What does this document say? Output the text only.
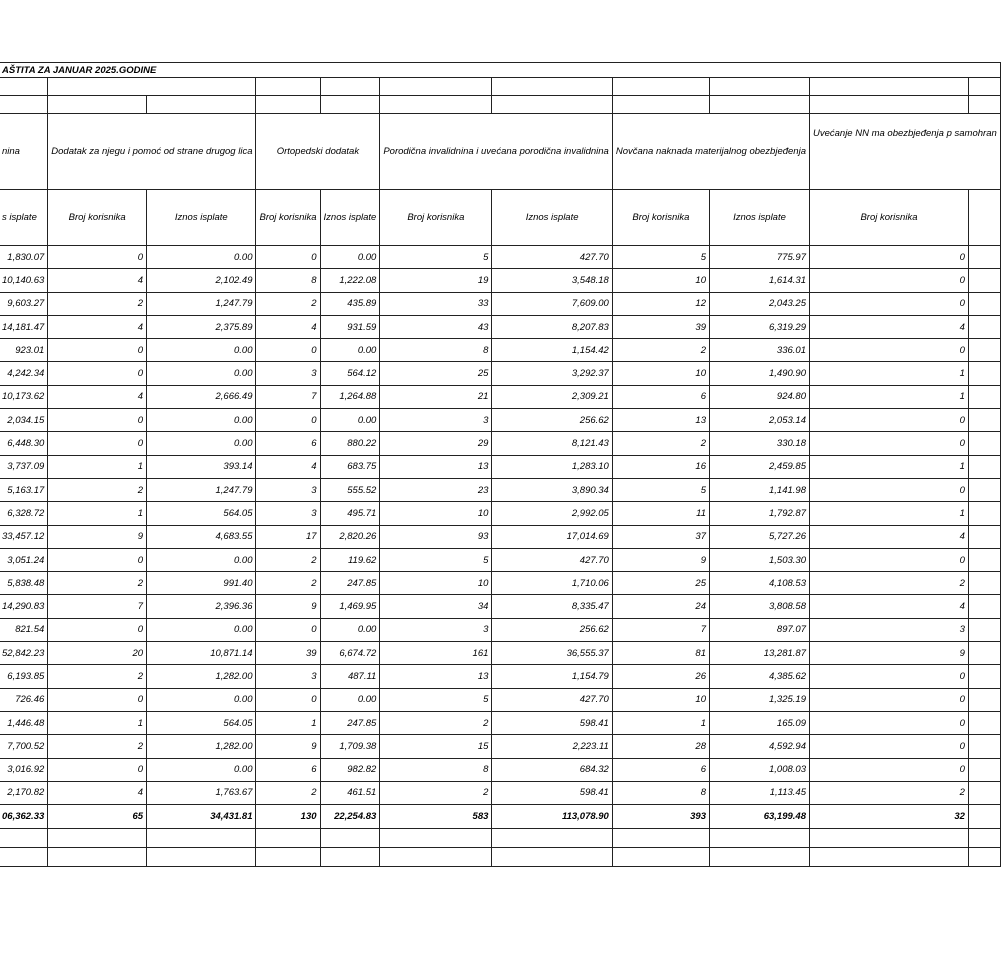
AŠTITA ZA JANUAR 2025.GODINE										

nina	Dodatak za njegu i pomoć od strane drugog lica		Ortopedski dodatak		Porodična invalidnina i uvećana porodična invalidnina		Novčana naknada materijalnog obezbjeđenja		Uvećanje NN ma obezbjeđenja p samohran	
s isplate	Broj korisnika	Iznos isplate	Broj korisnika	Iznos isplate	Broj korisnika	Iznos isplate	Broj korisnika	Iznos isplate	Broj korisnika	
1,830.07	0	0.00	0	0.00	5	427.70	5	775.97	0	
10,140.63	4	2,102.49	8	1,222.08	19	3,548.18	10	1,614.31	0	
9,603.27	2	1,247.79	2	435.89	33	7,609.00	12	2,043.25	0	
14,181.47	4	2,375.89	4	931.59	43	8,207.83	39	6,319.29	4	
923.01	0	0.00	0	0.00	8	1,154.42	2	336.01	0	
4,242.34	0	0.00	3	564.12	25	3,292.37	10	1,490.90	1	
10,173.62	4	2,666.49	7	1,264.88	21	2,309.21	6	924.80	1	
2,034.15	0	0.00	0	0.00	3	256.62	13	2,053.14	0	
6,448.30	0	0.00	6	880.22	29	8,121.43	2	330.18	0	
3,737.09	1	393.14	4	683.75	13	1,283.10	16	2,459.85	1	
5,163.17	2	1,247.79	3	555.52	23	3,890.34	5	1,141.98	0	
6,328.72	1	564.05	3	495.71	10	2,992.05	11	1,792.87	1	
33,457.12	9	4,683.55	17	2,820.26	93	17,014.69	37	5,727.26	4	
3,051.24	0	0.00	2	119.62	5	427.70	9	1,503.30	0	
5,838.48	2	991.40	2	247.85	10	1,710.06	25	4,108.53	2	
14,290.83	7	2,396.36	9	1,469.95	34	8,335.47	24	3,808.58	4	
821.54	0	0.00	0	0.00	3	256.62	7	897.07	3	
52,842.23	20	10,871.14	39	6,674.72	161	36,555.37	81	13,281.87	9	
6,193.85	2	1,282.00	3	487.11	13	1,154.79	26	4,385.62	0	
726.46	0	0.00	0	0.00	5	427.70	10	1,325.19	0	
1,446.48	1	564.05	1	247.85	2	598.41	1	165.09	0	
7,700.52	2	1,282.00	9	1,709.38	15	2,223.11	28	4,592.94	0	
3,016.92	0	0.00	6	982.82	8	684.32	6	1,008.03	0	
2,170.82	4	1,763.67	2	461.51	2	598.41	8	1,113.45	2	
06,362.33	65	34,431.81	130	22,254.83	583	113,078.90	393	63,199.48	32	
